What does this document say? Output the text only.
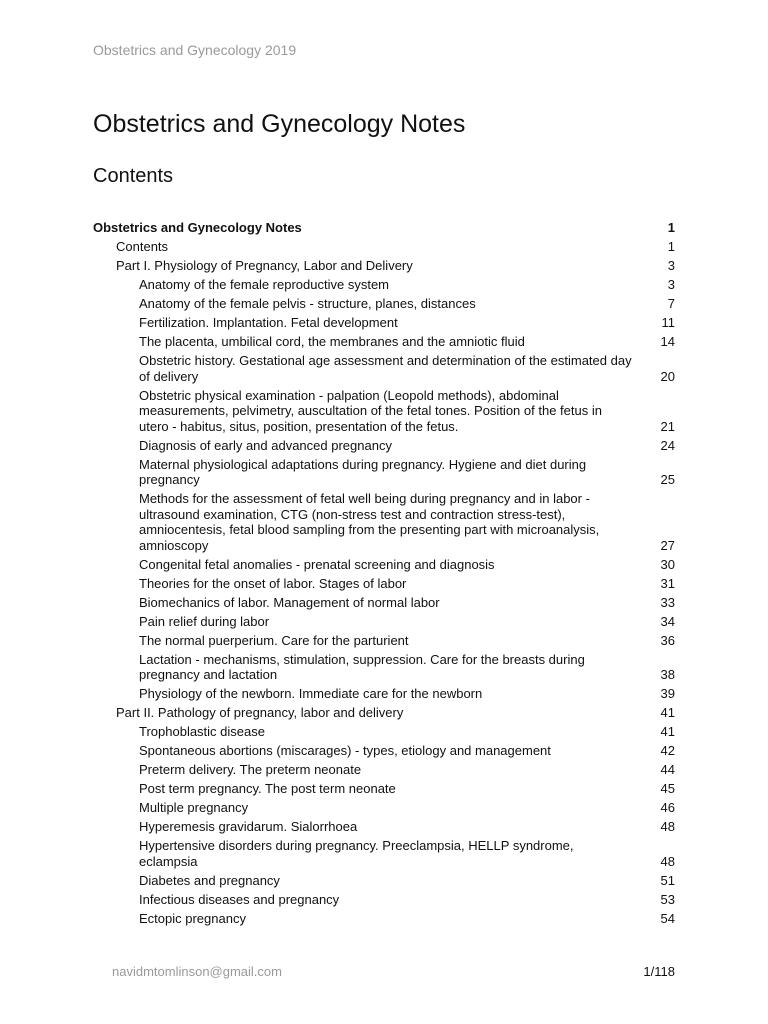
Obstetrics and Gynecology 2019
Obstetrics and Gynecology Notes
Contents
Obstetrics and Gynecology Notes	1
Contents	1
Part I. Physiology of Pregnancy, Labor and Delivery	3
Anatomy of the female reproductive system	3
Anatomy of the female pelvis - structure, planes, distances	7
Fertilization. Implantation. Fetal development	11
The placenta, umbilical cord, the membranes and the amniotic fluid	14
Obstetric history. Gestational age assessment and determination of the estimated day of delivery	20
Obstetric physical examination - palpation (Leopold methods), abdominal measurements, pelvimetry, auscultation of the fetal tones. Position of the fetus in utero - habitus, situs, position, presentation of the fetus.	21
Diagnosis of early and advanced pregnancy	24
Maternal physiological adaptations during pregnancy. Hygiene and diet during pregnancy	25
Methods for the assessment of fetal well being during pregnancy and in labor - ultrasound examination, CTG (non-stress test and contraction stress-test), amniocentesis, fetal blood sampling from the presenting part with microanalysis, amnioscopy	27
Congenital fetal anomalies - prenatal screening and diagnosis	30
Theories for the onset of labor. Stages of labor	31
Biomechanics of labor. Management of normal labor	33
Pain relief during labor	34
The normal puerperium. Care for the parturient	36
Lactation - mechanisms, stimulation, suppression. Care for the breasts during pregnancy and lactation	38
Physiology of the newborn. Immediate care for the newborn	39
Part II. Pathology of pregnancy, labor and delivery	41
Trophoblastic disease	41
Spontaneous abortions (miscarages) - types, etiology and management	42
Preterm delivery. The preterm neonate	44
Post term pregnancy. The post term neonate	45
Multiple pregnancy	46
Hyperemesis gravidarum. Sialorrhoea	48
Hypertensive disorders during pregnancy. Preeclampsia, HELLP syndrome, eclampsia	48
Diabetes and pregnancy	51
Infectious diseases and pregnancy	53
Ectopic pregnancy	54
navidmtomlinson@gmail.com	1/118
